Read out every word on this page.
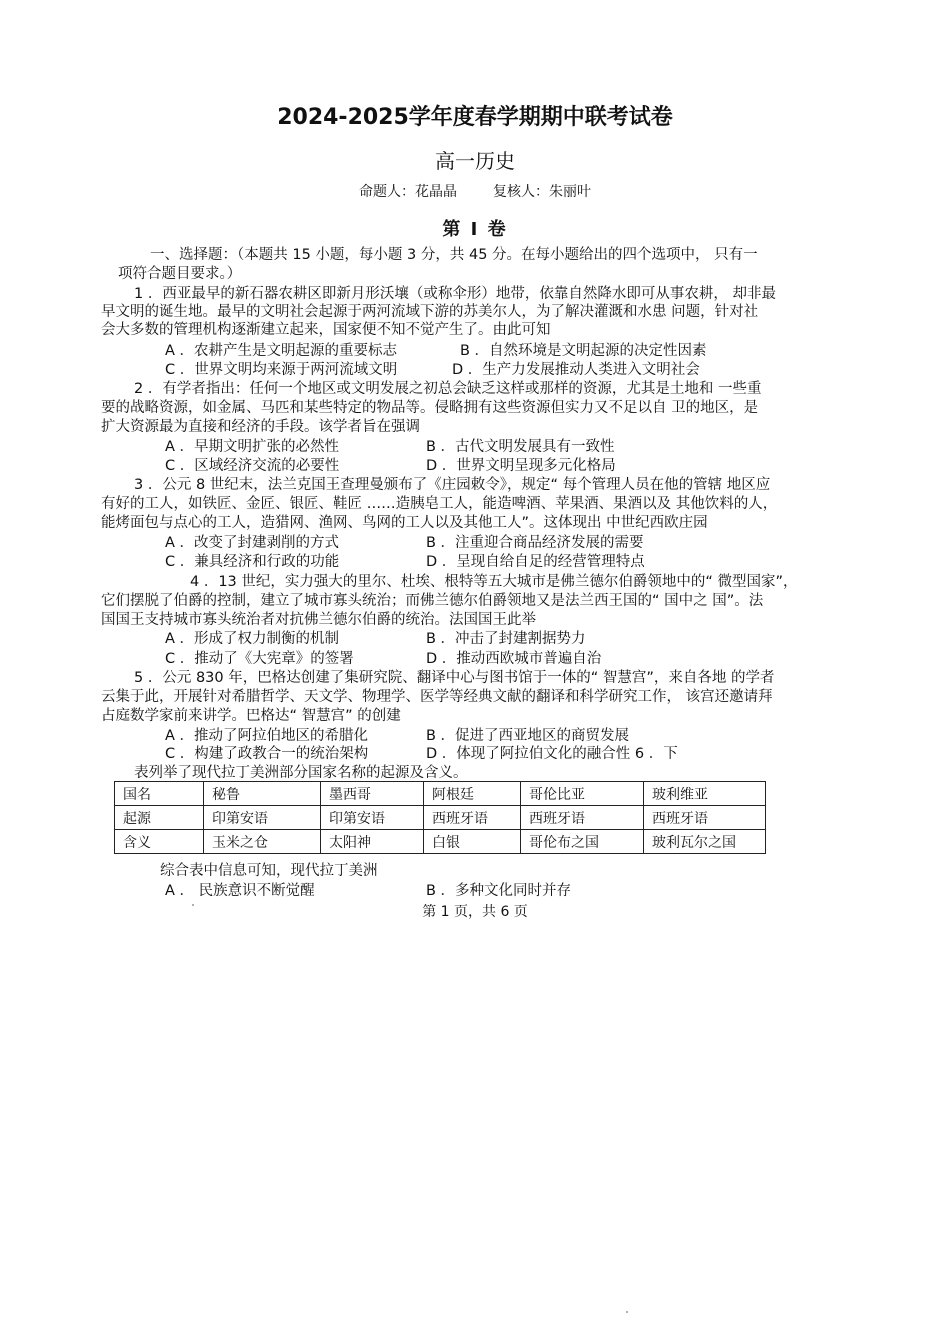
2024-2025学年度春学期期中联考试卷
高一历史
命题人：花晶晶	复核人：朱丽叶
第 I 卷
一、选择题：（本题共 15 小题，每小题 3 分，共 45 分。在每小题给出的四个选项中， 只有一
项符合题目要求。）
1 ．西亚最早的新石器农耕区即新月形沃壤（或称伞形）地带，依靠自然降水即可从事农耕， 却非最
早文明的诞生地。最早的文明社会起源于两河流域下游的苏美尔人，为了解决灌溉和水患 问题，针对社
会大多数的管理机构逐渐建立起来，国家便不知不觉产生了。由此可知
A ．农耕产生是文明起源的重要标志	B ．自然环境是文明起源的决定性因素
C ．世界文明均来源于两河流域文明	D ．生产力发展推动人类进入文明社会
2 ．有学者指出：任何一个地区或文明发展之初总会缺乏这样或那样的资源，尤其是土地和 一些重
要的战略资源，如金属、马匹和某些特定的物品等。侵略拥有这些资源但实力又不足以自 卫的地区，是
扩大资源最为直接和经济的手段。该学者旨在强调
A ．早期文明扩张的必然性	B ．古代文明发展具有一致性
C ．区域经济交流的必要性	D ．世界文明呈现多元化格局
3 ．公元 8 世纪末，法兰克国王查理曼颁布了《庄园敕令》，规定“ 每个管理人员在他的管辖 地区应
有好的工人，如铁匠、金匠、银匠、鞋匠 ……造胰皂工人，能造啤酒、苹果酒、果酒以及 其他饮料的人，
能烤面包与点心的工人，造猎网、渔网、鸟网的工人以及其他工人”。这体现出 中世纪西欧庄园
A ．改变了封建剥削的方式	B ．注重迎合商品经济发展的需要
C ．兼具经济和行政的功能	D ．呈现自给自足的经营管理特点
4 ．13 世纪，实力强大的里尔、杜埃、根特等五大城市是佛兰德尔伯爵领地中的“ 微型国家”，
它们摆脱了伯爵的控制，建立了城市寡头统治；而佛兰德尔伯爵领地又是法兰西王国的“ 国中之 国”。法
国国王支持城市寡头统治者对抗佛兰德尔伯爵的统治。法国国王此举
A ．形成了权力制衡的机制	B ．冲击了封建割据势力
C ．推动了《大宪章》的签署	D ．推动西欧城市普遍自治
5 ．公元 830 年，巴格达创建了集研究院、翻译中心与图书馆于一体的“ 智慧宫”，来自各地 的学者
云集于此，开展针对希腊哲学、天文学、物理学、医学等经典文献的翻译和科学研究工作， 该宫还邀请拜
占庭数学家前来讲学。巴格达“ 智慧宫” 的创建
A ．推动了阿拉伯地区的希腊化	B ．促进了西亚地区的商贸发展
C ．构建了政教合一的统治架构	D ．体现了阿拉伯文化的融合性 6 ．下
表列举了现代拉丁美洲部分国家名称的起源及含义。
国名	秘鲁	墨西哥	阿根廷	哥伦比亚	玻利维亚
起源	印第安语	印第安语	西班牙语	西班牙语	西班牙语
含义	玉米之仓	太阳神	白银	哥伦布之国	玻利瓦尔之国
综合表中信息可知，现代拉丁美洲
A ． 民族意识不断觉醒	B ．多种文化同时并存
第 1 页，共 6 页
